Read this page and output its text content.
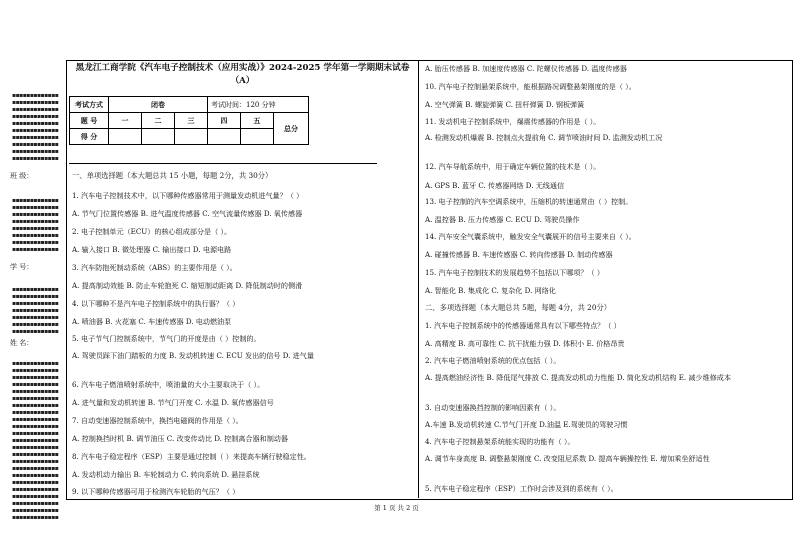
▪▪▪▪▪▪▪▪▪▪▪▪▪
▪▪▪▪▪▪▪▪▪▪▪▪▪
▪▪▪▪▪▪▪▪▪▪▪▪▪
▪▪▪▪▪▪▪▪▪▪▪▪▪
▪▪▪▪▪▪▪▪▪▪▪▪▪
▪▪▪▪▪▪▪▪▪▪▪▪▪
▪▪▪▪▪▪▪▪▪▪▪▪▪
▪▪▪▪▪▪▪▪▪▪▪▪▪
▪▪▪▪▪▪▪▪▪▪▪▪▪
▪▪▪▪▪▪▪▪▪▪▪▪▪
班 级：
▪▪▪▪▪▪▪▪▪▪▪▪▪
▪▪▪▪▪▪▪▪▪▪▪▪▪
▪▪▪▪▪▪▪▪▪▪▪▪▪
▪▪▪▪▪▪▪▪▪▪▪▪▪
▪▪▪▪▪▪▪▪▪▪▪▪▪
▪▪▪▪▪▪▪▪▪▪▪▪▪
▪▪▪▪▪▪▪▪▪▪▪▪▪
▪▪▪▪▪▪▪▪▪▪▪▪▪
学 号：
▪▪▪▪▪▪▪▪▪▪▪▪▪
▪▪▪▪▪▪▪▪▪▪▪▪▪
▪▪▪▪▪▪▪▪▪▪▪▪▪
▪▪▪▪▪▪▪▪▪▪▪▪▪
▪▪▪▪▪▪▪▪▪▪▪▪▪
▪▪▪▪▪▪▪▪▪▪▪▪▪
▪▪▪▪▪▪▪▪▪▪▪▪▪
姓 名：
▪▪▪▪▪▪▪▪▪▪▪▪▪
▪▪▪▪▪▪▪▪▪▪▪▪▪
▪▪▪▪▪▪▪▪▪▪▪▪▪
▪▪▪▪▪▪▪▪▪▪▪▪▪
▪▪▪▪▪▪▪▪▪▪▪▪▪
▪▪▪▪▪▪▪▪▪▪▪▪▪
▪▪▪▪▪▪▪▪▪▪▪▪▪
▪▪▪▪▪▪▪▪▪▪▪▪▪
▪▪▪▪▪▪▪▪▪▪▪▪▪
▪▪▪▪▪▪▪▪▪▪▪▪▪
▪▪▪▪▪▪▪▪▪▪▪▪▪
▪▪▪▪▪▪▪▪▪▪▪▪▪
▪▪▪▪▪▪▪▪▪▪▪▪▪
▪▪▪▪▪▪▪▪▪▪▪▪▪
▪▪▪▪▪▪▪▪▪▪▪▪▪
▪▪▪▪▪▪▪▪▪▪▪▪▪
▪▪▪▪▪▪▪▪▪▪▪▪▪
▪▪▪▪▪▪▪▪▪▪▪▪▪
▪▪▪▪▪▪▪▪▪▪▪▪▪
▪▪▪▪▪▪▪▪▪▪▪▪▪
▪▪▪▪▪▪▪▪▪▪▪▪▪
▪▪▪▪▪▪▪▪▪▪▪▪▪
▪▪▪▪▪▪▪▪▪▪▪▪▪
黑龙江工商学院《汽车电子控制技术（应用实战）》2024-2025 学年第一学期期末试卷（A）
考试方式	闭卷			考试时间：120 分钟		
题 号	一	二	三	四	五	总分
得 分						
一、单项选择题（本大题总共 15 小题，每题 2分，共 30分）
1. 汽车电子控制技术中，以下哪种传感器常用于测量发动机进气量？（ ）
A. 节气门位置传感器 B. 进气温度传感器 C. 空气流量传感器 D. 氧传感器
2. 电子控制单元（ECU）的核心组成部分是（ ）。
A. 输入接口 B. 微处理器 C. 输出接口 D. 电源电路
3. 汽车防抱死制动系统（ABS）的主要作用是（ ）。
A. 提高制动效能 B. 防止车轮抱死 C. 缩短制动距离 D. 降低制动时的侧滑
4. 以下哪种不是汽车电子控制系统中的执行器？（ ）
A. 喷油器 B. 火花塞 C. 车速传感器 D. 电动燃油泵
5. 电子节气门控制系统中，节气门的开度是由（ ）控制的。
A. 驾驶员踩下油门踏板的力度 B. 发动机转速 C. ECU 发出的信号 D. 进气量
6. 汽车电子燃油喷射系统中，喷油量的大小主要取决于（ ）。
A. 进气量和发动机转速 B. 节气门开度 C. 水温 D. 氧传感器信号
7. 自动变速器控制系统中，换挡电磁阀的作用是（ ）。
A. 控制换挡时机 B. 调节油压 C. 改变传动比 D. 控制离合器和制动器
8. 汽车电子稳定程序（ESP）主要是通过控制（ ）来提高车辆行驶稳定性。
A. 发动机动力输出 B. 车轮制动力 C. 转向系统 D. 悬挂系统
9. 以下哪种传感器可用于检测汽车轮胎的气压？（ ）
A. 胎压传感器 B. 加速度传感器 C. 陀螺仪传感器 D. 温度传感器
10. 汽车电子控制悬架系统中，能根据路况调整悬架刚度的是（ ）。
A. 空气弹簧 B. 螺旋弹簧 C. 扭杆弹簧 D. 钢板弹簧
11. 发动机电子控制系统中，爆震传感器的作用是（ ）。
A. 检测发动机爆震 B. 控制点火提前角 C. 调节喷油时间 D. 监测发动机工况
12. 汽车导航系统中，用于确定车辆位置的技术是（ ）。
A. GPS B. 蓝牙 C. 传感器网络 D. 无线通信
13. 电子控制的汽车空调系统中，压缩机的转速通常由（ ）控制。
A. 温控器 B. 压力传感器 C. ECU D. 驾驶员操作
14. 汽车安全气囊系统中，触发安全气囊展开的信号主要来自（ ）。
A. 碰撞传感器 B. 车速传感器 C. 转向传感器 D. 制动传感器
15. 汽车电子控制技术的发展趋势不包括以下哪项？（ ）
A. 智能化 B. 集成化 C. 复杂化 D. 网络化
二、多项选择题（本大题总共 5题，每题 4分，共 20分）
1. 汽车电子控制系统中的传感器通常具有以下哪些特点？（ ）
A. 高精度 B. 高可靠性 C. 抗干扰能力强 D. 体积小 E. 价格昂贵
2. 汽车电子燃油喷射系统的优点包括（ ）。
A. 提高燃油经济性 B. 降低尾气排放 C. 提高发动机动力性能 D. 简化发动机结构 E. 减少维修成本
3. 自动变速器换挡控制的影响因素有（ ）。
A.车速 B.发动机转速 C.节气门开度 D.油温 E.驾驶员的驾驶习惯
4. 汽车电子控制悬架系统能实现的功能有（ ）。
A. 调节车身高度 B. 调整悬架刚度 C. 改变阻尼系数 D. 提高车辆操控性 E. 增加乘坐舒适性
5. 汽车电子稳定程序（ESP）工作时会涉及到的系统有（ ）。
第 1 页 共 2 页
